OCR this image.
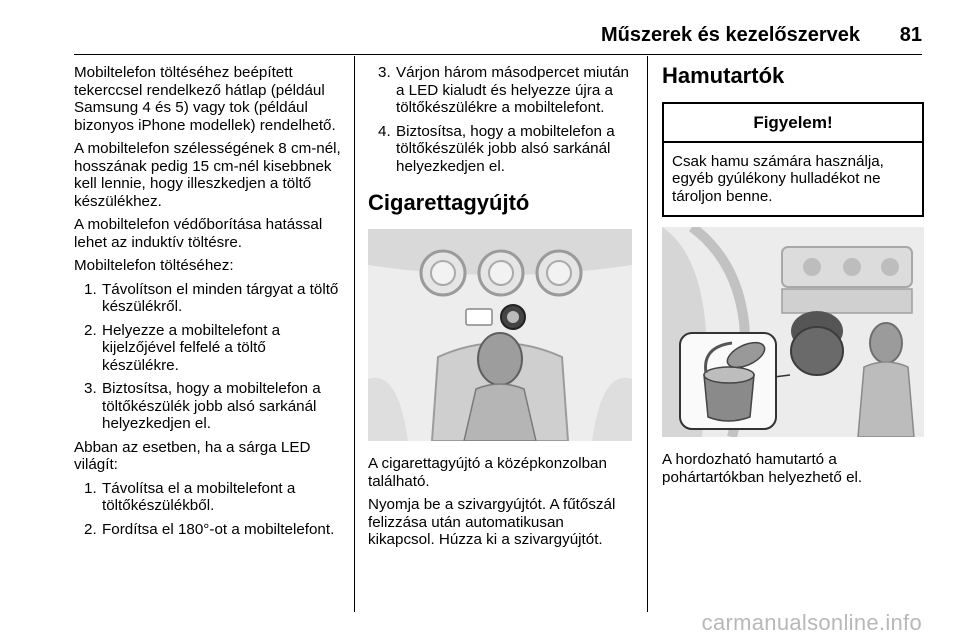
Műszerek és kezelőszervek 81

Mobiltelefon töltéséhez beépített tekerccsel rendelkező hátlap (például Samsung 4 és 5) vagy tok (például bizonyos iPhone modellek) rendelhető.

A mobiltelefon szélességének 8 cm-nél, hosszának pedig 15 cm-nél kisebbnek kell lennie, hogy illeszkedjen a töltő készülékhez.

A mobiltelefon védőborítása hatással lehet az induktív töltésre.

Mobiltelefon töltéséhez:

1. Távolítson el minden tárgyat a töltő készülékről.
2. Helyezze a mobiltelefont a kijelzőjével felfelé a töltő készülékre.
3. Biztosítsa, hogy a mobiltelefon a töltőkészülék jobb alsó sarkánál helyezkedjen el.

Abban az esetben, ha a sárga LED világít:

1. Távolítsa el a mobiltelefont a töltőkészülékből.
2. Fordítsa el 180°-ot a mobiltelefont.
3. Várjon három másodpercet miután a LED kialudt és helyezze újra a töltőkészülékre a mobiltelefont.
4. Biztosítsa, hogy a mobiltelefon a töltőkészülék jobb alsó sarkánál helyezkedjen el.
Cigarettagyújtó

A cigarettagyújtó a középkonzolban található.

Nyomja be a szivargyújtót. A fűtőszál felizzása után automatikusan kikapcsol. Húzza ki a szivargyújtót.

Hamutartók
Figyelem!
Csak hamu számára használja, egyéb gyúlékony hulladékot ne tároljon benne.

A hordozható hamutartó a pohártartókban helyezhető el.

carmanualsonline.info
